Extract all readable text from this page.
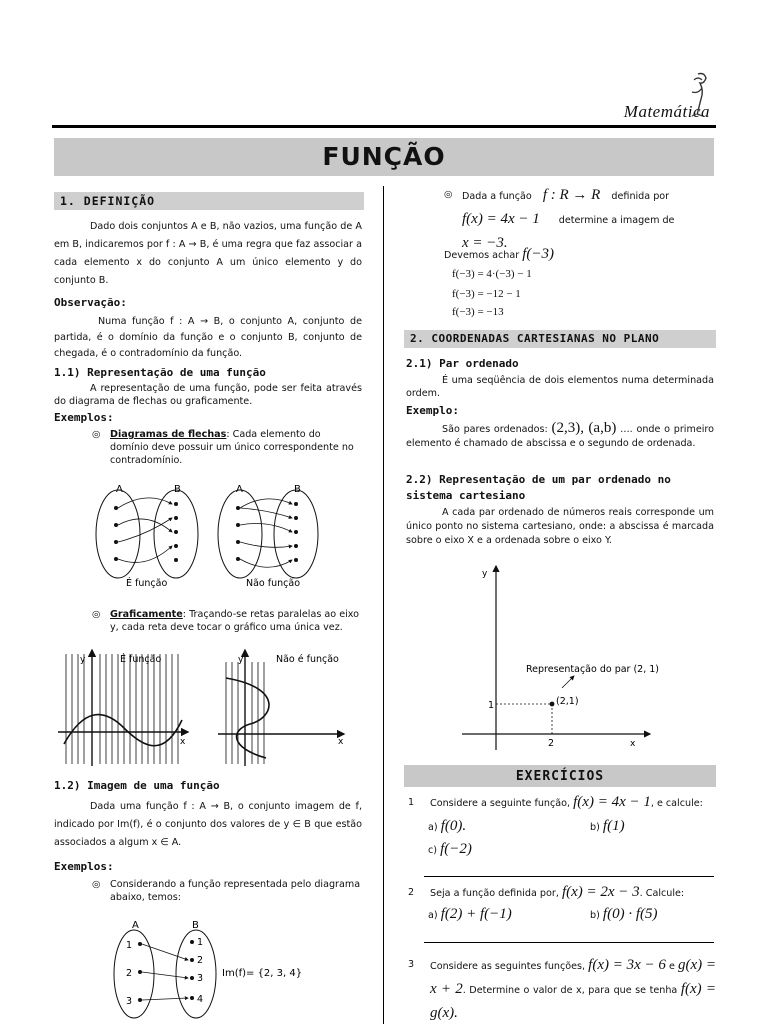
Matemática
FUNÇÃO
1. DEFINIÇÃO
Dado dois conjuntos A e B, não vazios, uma função de A em B, indicaremos por f : A → B, é uma regra que faz associar a cada elemento x do conjunto A um único elemento y do conjunto B.
Observação:
Numa função f : A → B, o conjunto A, conjunto de partida, é o domínio da função e o conjunto B, conjunto de chegada, é o contradomínio da função.
1.1) Representação de uma função
A representação de uma função, pode ser feita através do diagrama de flechas ou graficamente.
Exemplos:
◎ Diagramas de flechas: Cada elemento do domínio deve possuir um único correspondente no contradomínio.
A	B
É função
A	B
Não função
◎ Graficamente: Traçando-se retas paralelas ao eixo y, cada reta deve tocar o gráfico uma única vez.
y	É função
x
y	Não é função
x
1.2) Imagem de uma função
Dada uma função f : A → B, o conjunto imagem de f, indicado por Im(f), é o conjunto dos valores de y ∈ B que estão associados a algum x ∈ A.
Exemplos:
◎ Considerando a função representada pelo diagrama abaixo, temos:
A	B
1
2
3
1
2
3
4
Im(f)= {2, 3, 4}
◎ Dada a função f : R → R definida por
f(x) = 4x − 1 determine a imagem de
x = −3.
Devemos achar f(−3)
f(−3) = 4·(−3) − 1
f(−3) = −12 − 1
f(−3) = −13
2. COORDENADAS CARTESIANAS NO PLANO
2.1) Par ordenado
É uma seqüência de dois elementos numa determinada ordem.
Exemplo:
São pares ordenados: (2,3), (a,b) …. onde o primeiro elemento é chamado de abscissa e o segundo de ordenada.
2.2) Representação de um par ordenado no sistema cartesiano
A cada par ordenado de números reais corresponde um único ponto no sistema cartesiano, onde: a abscissa é marcada sobre o eixo X e a ordenada sobre o eixo Y.
y
x
Representação do par (2, 1)
(2,1)
1
2
EXERCÍCIOS
1 Considere a seguinte função, f(x) = 4x − 1, e calcule:
a) f(0).	b) f(1)
c) f(−2)
2 Seja a função definida por, f(x) = 2x − 3. Calcule:
a) f(2) + f(−1)	b) f(0) · f(5)
3 Considere as seguintes funções, f(x) = 3x − 6 e g(x) = x + 2. Determine o valor de x, para que se tenha f(x) = g(x).
